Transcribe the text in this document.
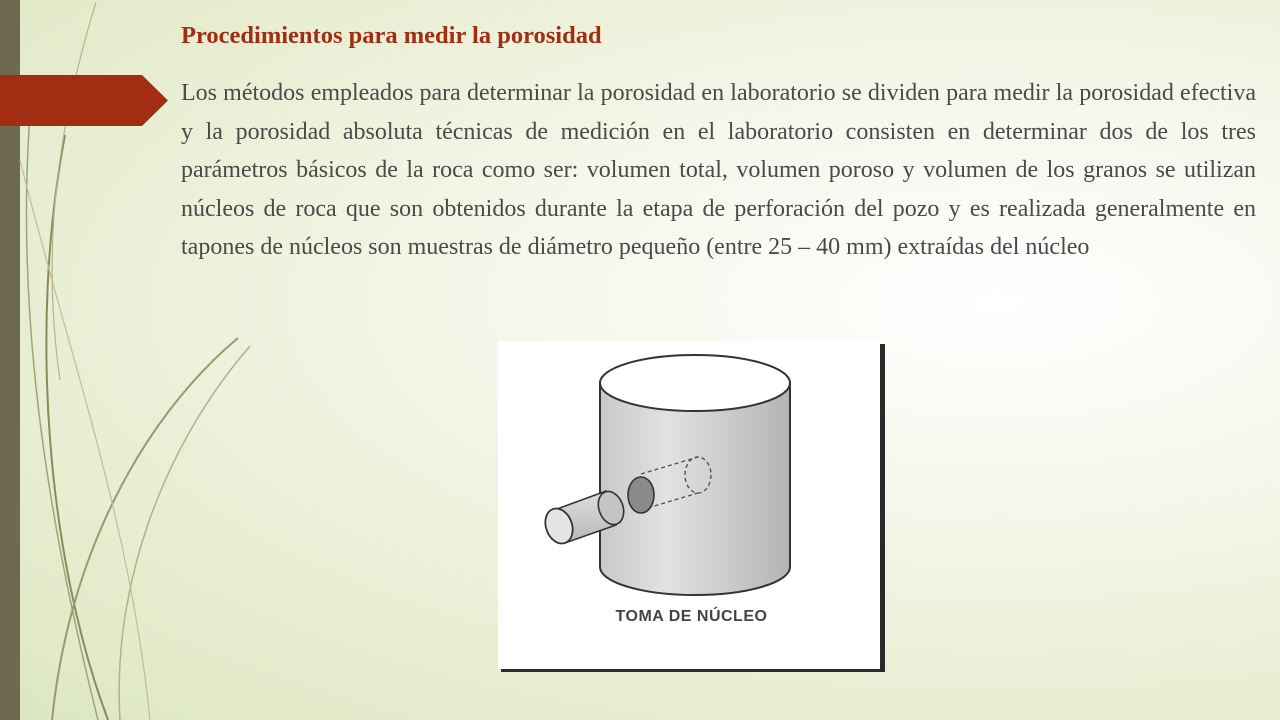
Procedimientos para medir la porosidad

Los métodos empleados para determinar la porosidad en laboratorio se dividen para medir la porosidad efectiva y la porosidad absoluta técnicas de medición en el laboratorio consisten en determinar dos de los tres parámetros básicos de la roca como ser: volumen total, volumen poroso y volumen de los granos se utilizan núcleos de roca que son obtenidos durante la etapa de perforación del pozo y es realizada generalmente en tapones de núcleos son muestras de diámetro pequeño (entre 25 – 40 mm) extraídas del núcleo

TOMA DE NÚCLEO
